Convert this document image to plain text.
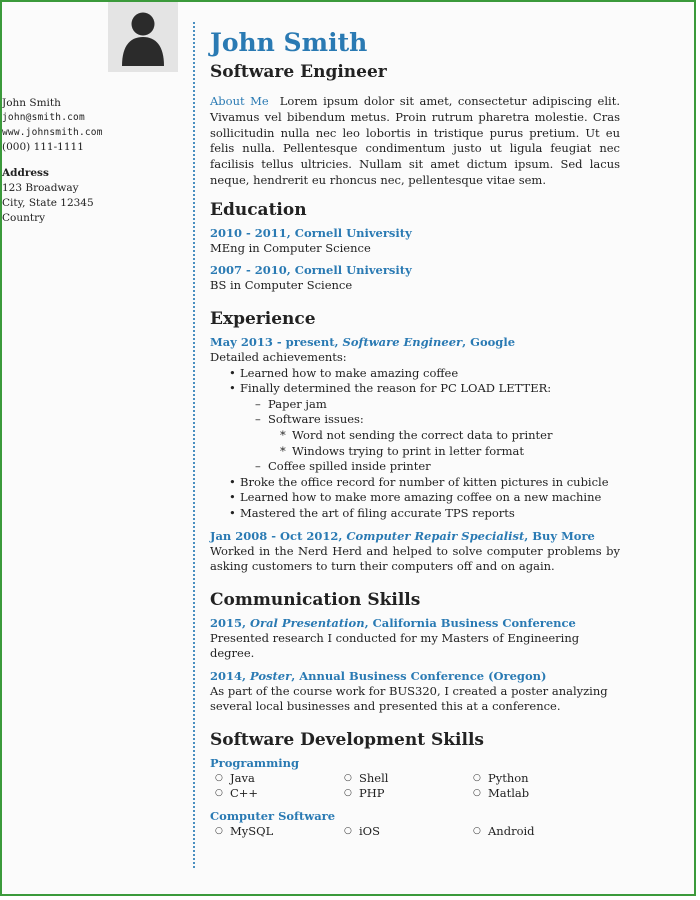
John Smith
john@smith.com
www.johnsmith.com
(000) 111-1111
Address
123 Broadway
City, State 12345
Country
John Smith
Software Engineer

About Me Lorem ipsum dolor sit amet, consectetur adipiscing elit. Vivamus vel bibendum metus. Proin rutrum pharetra molestie. Cras sollicitudin nulla nec leo lobortis in tristique purus pretium. Ut eu felis nulla. Pellentesque condimentum justo ut ligula feugiat nec facilisis tellus ultricies. Nullam sit amet dictum ipsum. Sed lacus neque, hendrerit eu rhoncus nec, pellentesque vitae sem.

Education
2010 - 2011, Cornell University
MEng in Computer Science
2007 - 2010, Cornell University
BS in Computer Science
Experience
May 2013 - present, Software Engineer, Google
Detailed achievements:
Learned how to make amazing coffee
Finally determined the reason for PC LOAD LETTER:
Paper jam
Software issues:
Word not sending the correct data to printer
Windows trying to print in letter format
Coffee spilled inside printer
Broke the office record for number of kitten pictures in cubicle
Learned how to make more amazing coffee on a new machine
Mastered the art of filing accurate TPS reports
Jan 2008 - Oct 2012, Computer Repair Specialist, Buy More
Worked in the Nerd Herd and helped to solve computer problems by asking customers to turn their computers off and on again.
Communication Skills
2015, Oral Presentation, California Business Conference
Presented research I conducted for my Masters of Engineering degree.
2014, Poster, Annual Business Conference (Oregon)
As part of the course work for BUS320, I created a poster analyzing several local businesses and presented this at a conference.
Software Development Skills
Programming
○ Java	○ Shell	○ Python
○ C++	○ PHP	○ Matlab
Computer Software
○ MySQL	○ iOS	○ Android
